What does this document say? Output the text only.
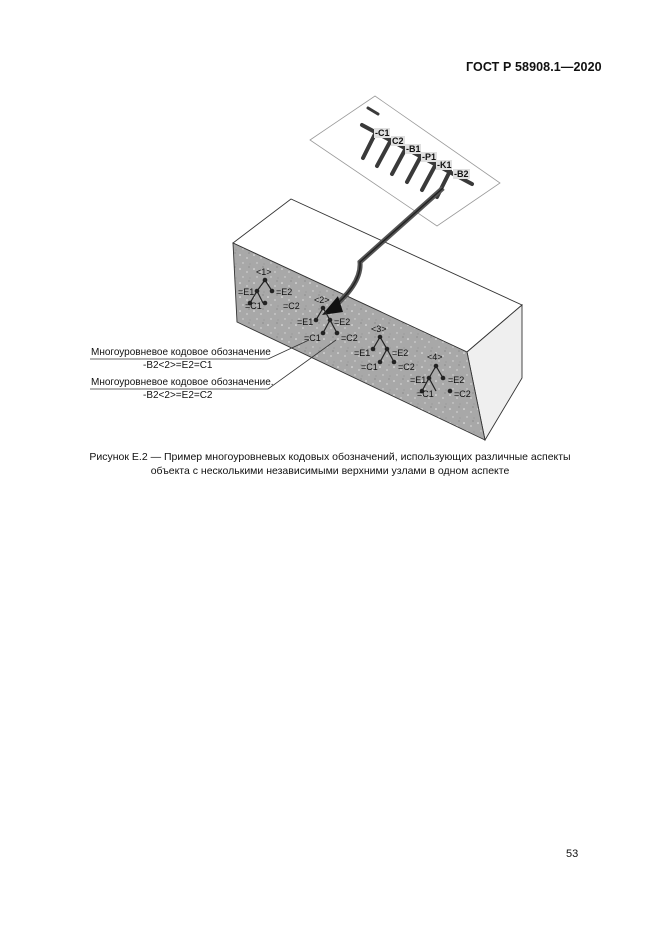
ГОСТ Р 58908.1—2020
-C1
C2
-B1
-P1
-K1
-B2
<1>
=E1 =E2
=C1 =C2
<2>
=E1 =E2
=C1 =C2
<3>
=E1 =E2
=C1 =C2
<4>
=E1 =E2
=C1 =C2
Многоуровневое кодовое обозначение
-B2<2>=E2=C1
Многоуровневое кодовое обозначение.
-B2<2>=E2=C2
Рисунок Е.2 — Пример многоуровневых кодовых обозначений, использующих различные аспекты
объекта с несколькими независимыми верхними узлами в одном аспекте
53
